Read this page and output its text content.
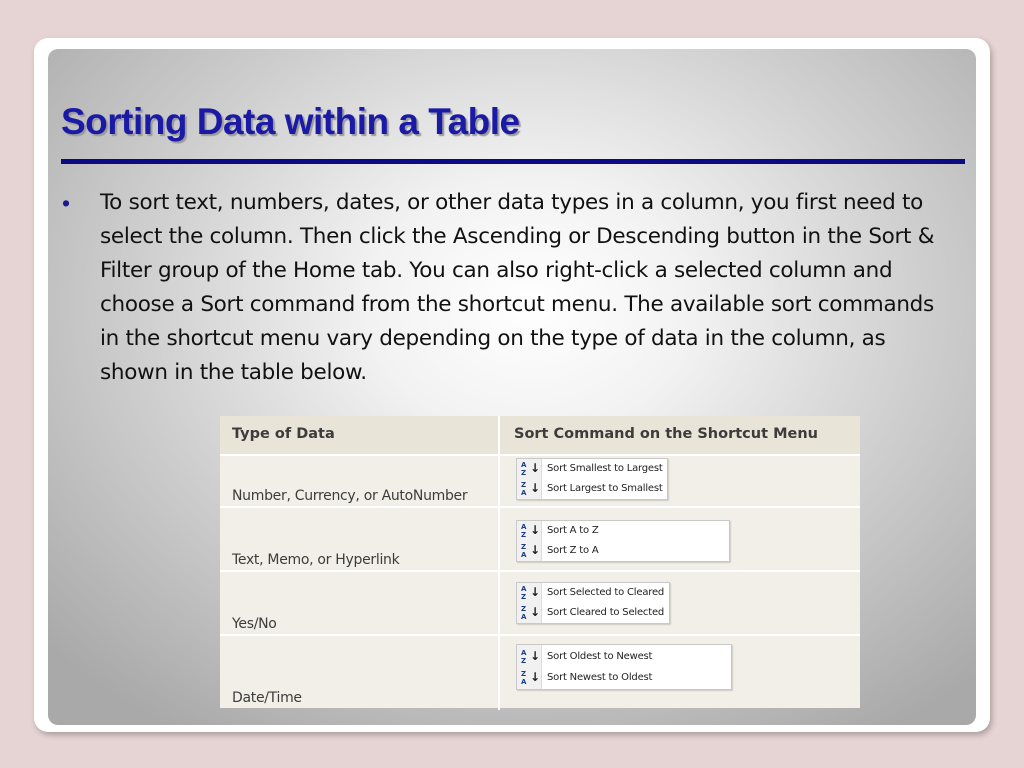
Sorting Data within a Table
• To sort text, numbers, dates, or other data types in a column, you first need to select the column. Then click the Ascending or Descending button in the Sort & Filter group of the Home tab. You can also right-click a selected column and choose a Sort command from the shortcut menu. The available sort commands in the shortcut menu vary depending on the type of data in the column, as shown in the table below.
Type of Data	Sort Command on the Shortcut Menu
Number, Currency, or AutoNumber
A
Z ↓ Sort Smallest to Largest
Z
A ↓ Sort Largest to Smallest
Text, Memo, or Hyperlink
A
Z ↓ Sort A to Z
Z
A ↓ Sort Z to A
Yes/No
A
Z ↓ Sort Selected to Cleared
Z
A ↓ Sort Cleared to Selected
Date/Time
A
Z ↓ Sort Oldest to Newest
Z
A ↓ Sort Newest to Oldest
